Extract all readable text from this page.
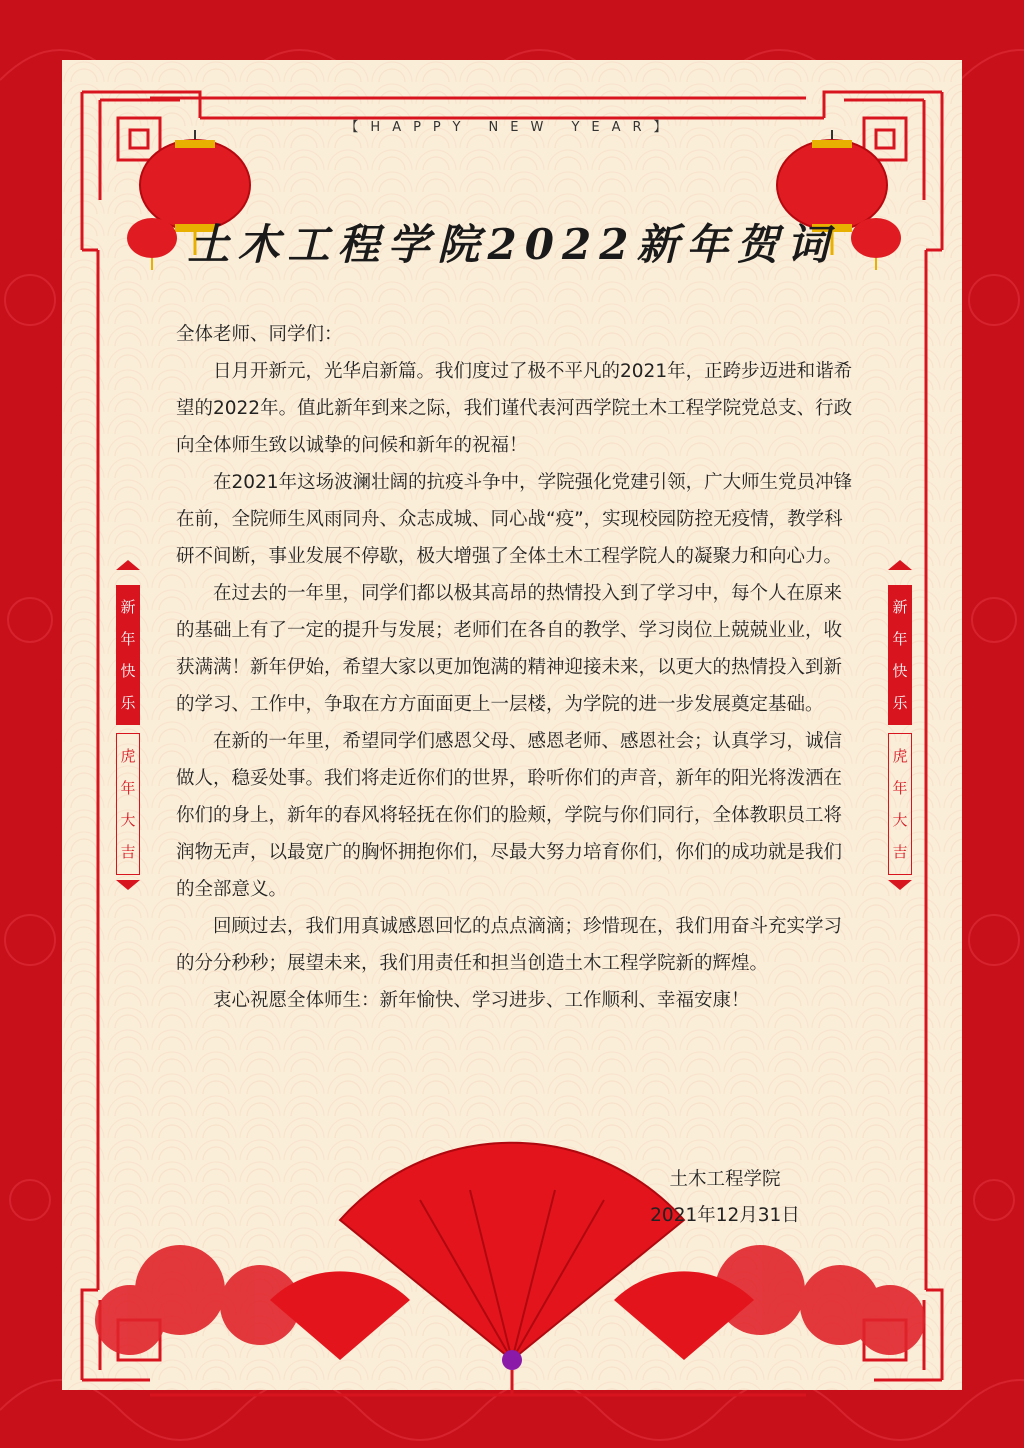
【HAPPY NEW YEAR】
土木工程学院2022新年贺词
新
年
快
乐
虎
年
大
吉
新
年
快
乐
虎
年
大
吉

全体老师、同学们：

日月开新元，光华启新篇。我们度过了极不平凡的2021年，正跨步迈进和谐希望的2022年。值此新年到来之际，我们谨代表河西学院土木工程学院党总支、行政向全体师生致以诚挚的问候和新年的祝福！

在2021年这场波澜壮阔的抗疫斗争中，学院强化党建引领，广大师生党员冲锋在前，全院师生风雨同舟、众志成城、同心战“疫”，实现校园防控无疫情，教学科研不间断，事业发展不停歇，极大增强了全体土木工程学院人的凝聚力和向心力。

在过去的一年里，同学们都以极其高昂的热情投入到了学习中，每个人在原来的基础上有了一定的提升与发展；老师们在各自的教学、学习岗位上兢兢业业，收获满满！新年伊始，希望大家以更加饱满的精神迎接未来，以更大的热情投入到新的学习、工作中，争取在方方面面更上一层楼，为学院的进一步发展奠定基础。

在新的一年里，希望同学们感恩父母、感恩老师、感恩社会；认真学习，诚信做人，稳妥处事。我们将走近你们的世界，聆听你们的声音，新年的阳光将泼洒在你们的身上，新年的春风将轻抚在你们的脸颊，学院与你们同行，全体教职员工将润物无声，以最宽广的胸怀拥抱你们，尽最大努力培育你们，你们的成功就是我们的全部意义。

回顾过去，我们用真诚感恩回忆的点点滴滴；珍惜现在，我们用奋斗充实学习的分分秒秒；展望未来，我们用责任和担当创造土木工程学院新的辉煌。

衷心祝愿全体师生：新年愉快、学习进步、工作顺利、幸福安康！

土木工程学院
2021年12月31日
